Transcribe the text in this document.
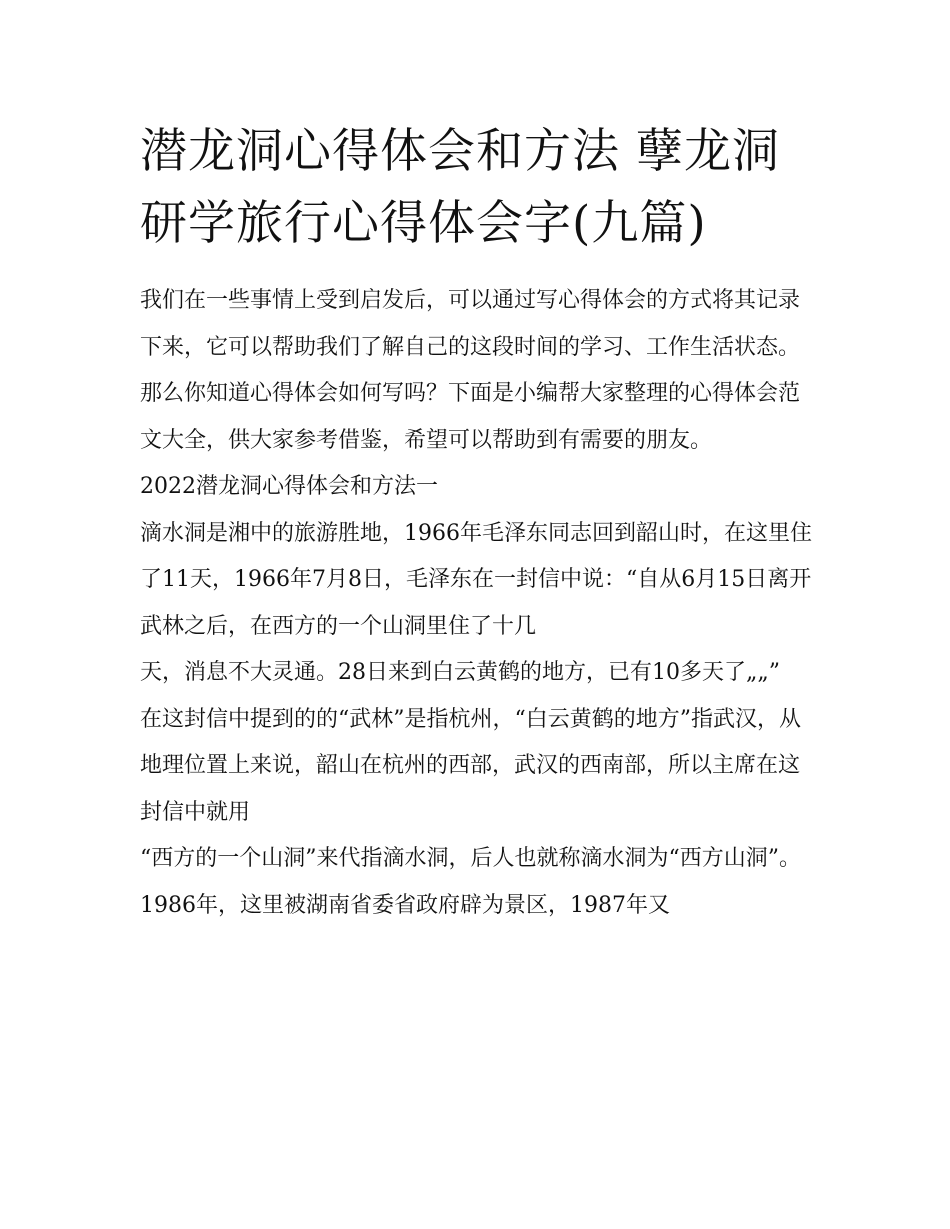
潜龙洞心得体会和方法 孽龙洞研学旅行心得体会字(九篇)

我们在一些事情上受到启发后，可以通过写心得体会的方式将其记录下来，它可以帮助我们了解自己的这段时间的学习、工作生活状态。那么你知道心得体会如何写吗？下面是小编帮大家整理的心得体会范文大全，供大家参考借鉴，希望可以帮助到有需要的朋友。

2022潜龙洞心得体会和方法一

滴水洞是湘中的旅游胜地，1966年毛泽东同志回到韶山时，在这里住了11天，1966年7月8日，毛泽东在一封信中说：“自从6月15日离开武林之后，在西方的一个山洞里住了十几
天，消息不大灵通。28日来到白云黄鹤的地方，已有10多天了„„”

在这封信中提到的的“武林”是指杭州，“白云黄鹤的地方”指武汉，从地理位置上来说，韶山在杭州的西部，武汉的西南部，所以主席在这封信中就用

“西方的一个山洞”来代指滴水洞，后人也就称滴水洞为“西方山洞”。1986年，这里被湖南省委省政府辟为景区，1987年又
